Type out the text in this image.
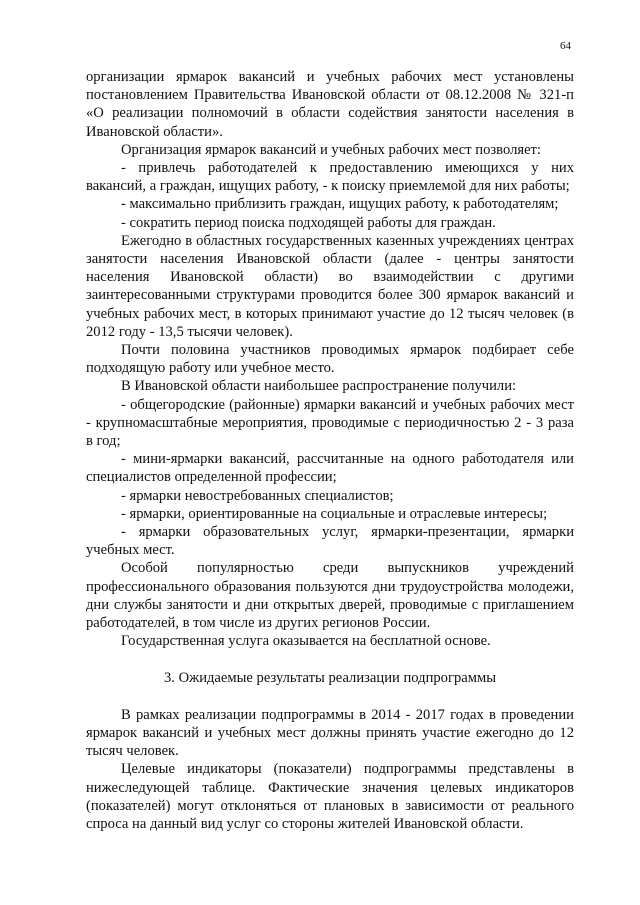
64

организации ярмарок вакансий и учебных рабочих мест установлены постановлением Правительства Ивановской области от 08.12.2008 № 321-п «О реализации полномочий в области содействия занятости населения в Ивановской области».

Организация ярмарок вакансий и учебных рабочих мест позволяет:

- привлечь работодателей к предоставлению имеющихся у них вакансий, а граждан, ищущих работу, - к поиску приемлемой для них работы;

- максимально приблизить граждан, ищущих работу, к работодателям;

- сократить период поиска подходящей работы для граждан.

Ежегодно в областных государственных казенных учреждениях центрах занятости населения Ивановской области (далее - центры занятости населения Ивановской области) во взаимодействии с другими заинтересованными структурами проводится более 300 ярмарок вакансий и учебных рабочих мест, в которых принимают участие до 12 тысяч человек (в 2012 году - 13,5 тысячи человек).

Почти половина участников проводимых ярмарок подбирает себе подходящую работу или учебное место.

В Ивановской области наибольшее распространение получили:

- общегородские (районные) ярмарки вакансий и учебных рабочих мест - крупномасштабные мероприятия, проводимые с периодичностью 2 - 3 раза в год;

- мини-ярмарки вакансий, рассчитанные на одного работодателя или специалистов определенной профессии;

- ярмарки невостребованных специалистов;

- ярмарки, ориентированные на социальные и отраслевые интересы;

- ярмарки образовательных услуг, ярмарки-презентации, ярмарки учебных мест.

Особой популярностью среди выпускников учреждений профессионального образования пользуются дни трудоустройства молодежи, дни службы занятости и дни открытых дверей, проводимые с приглашением работодателей, в том числе из других регионов России.

Государственная услуга оказывается на бесплатной основе.

3. Ожидаемые результаты реализации подпрограммы

В рамках реализации подпрограммы в 2014 - 2017 годах в проведении ярмарок вакансий и учебных мест должны принять участие ежегодно до 12 тысяч человек.

Целевые индикаторы (показатели) подпрограммы представлены в нижеследующей таблице. Фактические значения целевых индикаторов (показателей) могут отклоняться от плановых в зависимости от реального спроса на данный вид услуг со стороны жителей Ивановской области.
